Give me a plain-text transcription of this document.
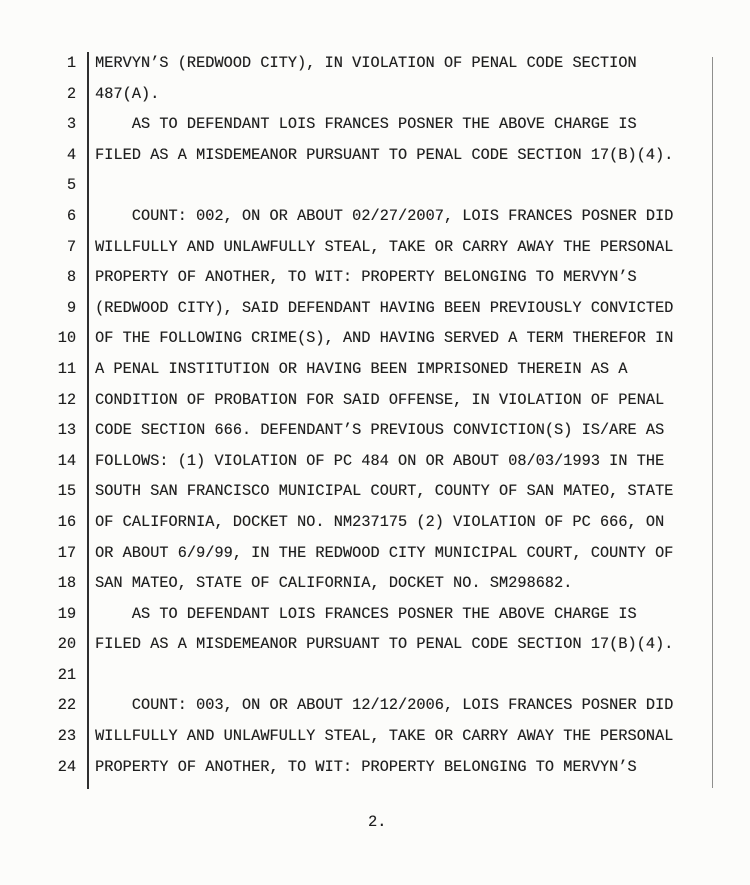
1	MERVYN’S (REDWOOD CITY), IN VIOLATION OF PENAL CODE SECTION
2	487(A).
3	AS TO DEFENDANT LOIS FRANCES POSNER THE ABOVE CHARGE IS
4	FILED AS A MISDEMEANOR PURSUANT TO PENAL CODE SECTION 17(B)(4).
5
6	COUNT: 002, ON OR ABOUT 02/27/2007, LOIS FRANCES POSNER DID
7	WILLFULLY AND UNLAWFULLY STEAL, TAKE OR CARRY AWAY THE PERSONAL
8	PROPERTY OF ANOTHER, TO WIT: PROPERTY BELONGING TO MERVYN’S
9	(REDWOOD CITY), SAID DEFENDANT HAVING BEEN PREVIOUSLY CONVICTED
10	OF THE FOLLOWING CRIME(S), AND HAVING SERVED A TERM THEREFOR IN
11	A PENAL INSTITUTION OR HAVING BEEN IMPRISONED THEREIN AS A
12	CONDITION OF PROBATION FOR SAID OFFENSE, IN VIOLATION OF PENAL
13	CODE SECTION 666. DEFENDANT’S PREVIOUS CONVICTION(S) IS/ARE AS
14	FOLLOWS: (1) VIOLATION OF PC 484 ON OR ABOUT 08/03/1993 IN THE
15	SOUTH SAN FRANCISCO MUNICIPAL COURT, COUNTY OF SAN MATEO, STATE
16	OF CALIFORNIA, DOCKET NO. NM237175 (2) VIOLATION OF PC 666, ON
17	OR ABOUT 6/9/99, IN THE REDWOOD CITY MUNICIPAL COURT, COUNTY OF
18	SAN MATEO, STATE OF CALIFORNIA, DOCKET NO. SM298682.
19	AS TO DEFENDANT LOIS FRANCES POSNER THE ABOVE CHARGE IS
20	FILED AS A MISDEMEANOR PURSUANT TO PENAL CODE SECTION 17(B)(4).
21
22	COUNT: 003, ON OR ABOUT 12/12/2006, LOIS FRANCES POSNER DID
23	WILLFULLY AND UNLAWFULLY STEAL, TAKE OR CARRY AWAY THE PERSONAL
24	PROPERTY OF ANOTHER, TO WIT: PROPERTY BELONGING TO MERVYN’S
2.
